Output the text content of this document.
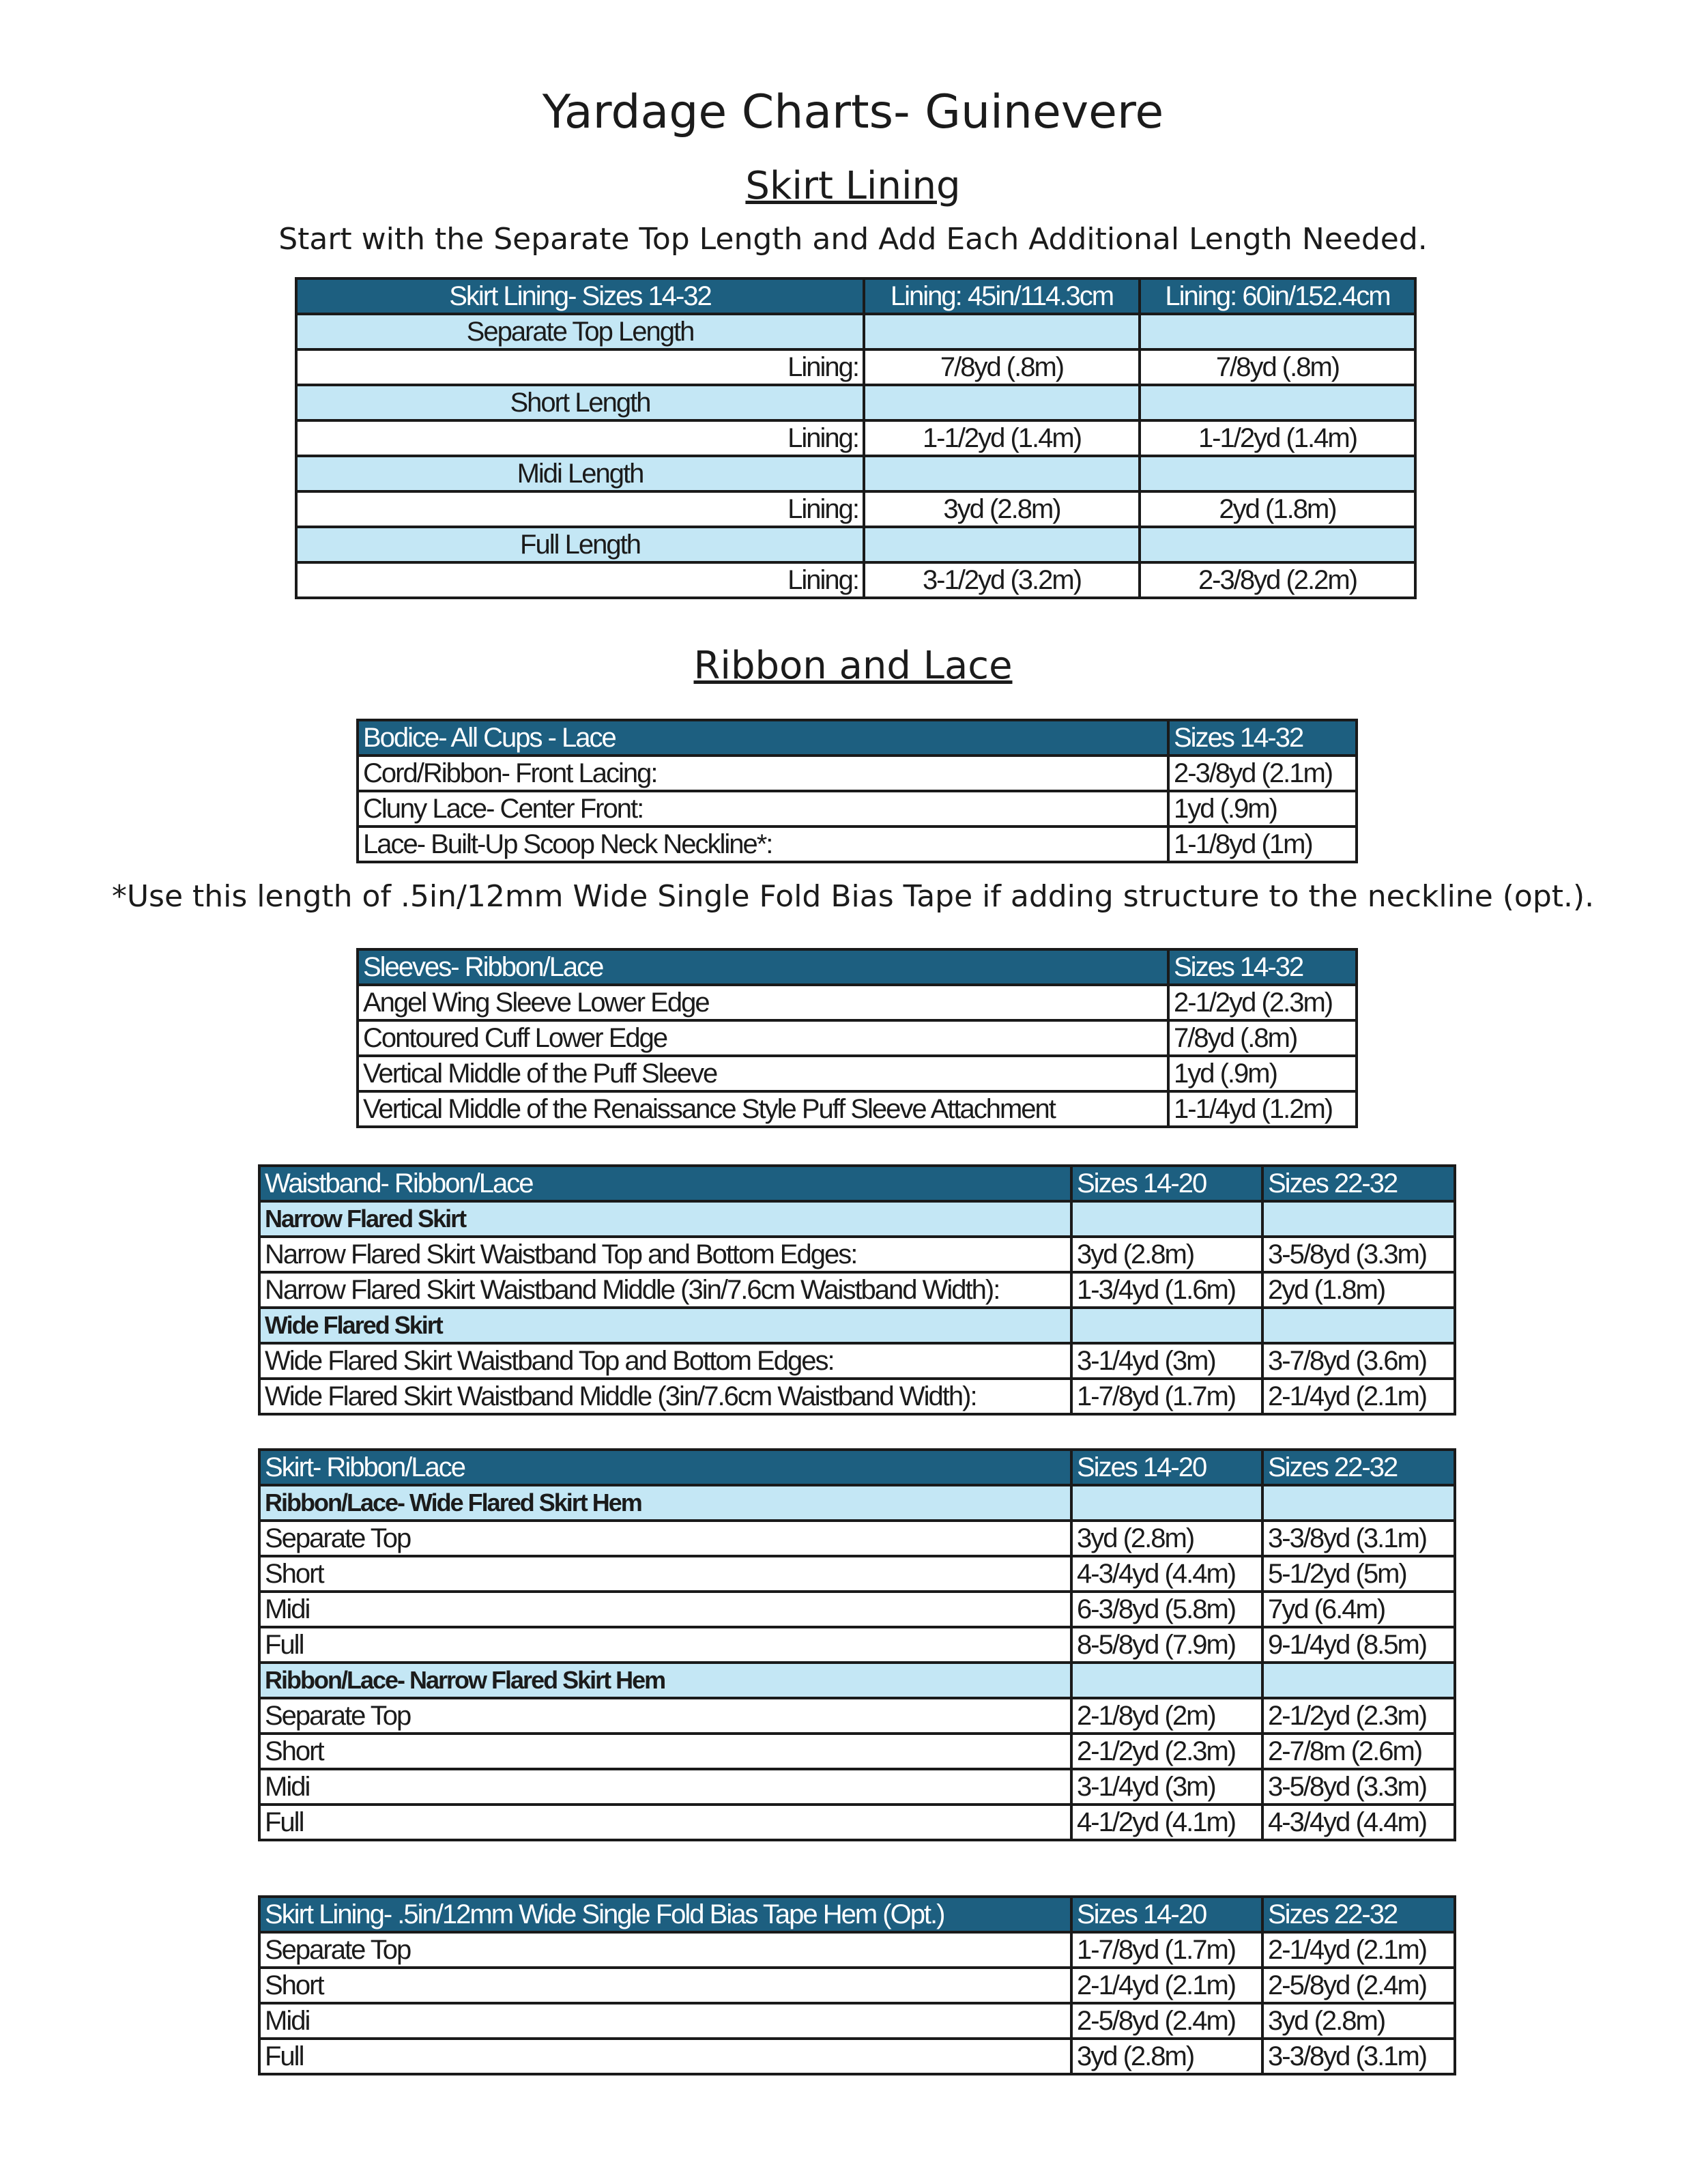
Yardage Charts- Guinevere
Skirt Lining
Start with the Separate Top Length and Add Each Additional Length Needed.
Skirt Lining- Sizes 14-32	Lining: 45in/114.3cm	Lining: 60in/152.4cm
Separate Top Length		
Lining:	7/8yd (.8m)	7/8yd (.8m)
Short Length		
Lining:	1-1/2yd (1.4m)	1-1/2yd (1.4m)
Midi Length		
Lining:	3yd (2.8m)	2yd (1.8m)
Full Length		
Lining:	3-1/2yd (3.2m)	2-3/8yd (2.2m)
Ribbon and Lace
Bodice- All Cups - Lace	Sizes 14-32
Cord/Ribbon- Front Lacing:	2-3/8yd (2.1m)
Cluny Lace- Center Front:	1yd (.9m)
Lace- Built-Up Scoop Neck Neckline*:	1-1/8yd (1m)
*Use this length of .5in/12mm Wide Single Fold Bias Tape if adding structure to the neckline (opt.).
Sleeves- Ribbon/Lace	Sizes 14-32
Angel Wing Sleeve Lower Edge	2-1/2yd (2.3m)
Contoured Cuff Lower Edge	7/8yd (.8m)
Vertical Middle of the Puff Sleeve	1yd (.9m)
Vertical Middle of the Renaissance Style Puff Sleeve Attachment	1-1/4yd (1.2m)
Waistband- Ribbon/Lace	Sizes 14-20	Sizes 22-32
Narrow Flared Skirt		
Narrow Flared Skirt Waistband Top and Bottom Edges:	3yd (2.8m)	3-5/8yd (3.3m)
Narrow Flared Skirt Waistband Middle (3in/7.6cm Waistband Width):	1-3/4yd (1.6m)	2yd (1.8m)
Wide Flared Skirt		
Wide Flared Skirt Waistband Top and Bottom Edges:	3-1/4yd (3m)	3-7/8yd (3.6m)
Wide Flared Skirt Waistband Middle (3in/7.6cm Waistband Width):	1-7/8yd (1.7m)	2-1/4yd (2.1m)
Skirt- Ribbon/Lace	Sizes 14-20	Sizes 22-32
Ribbon/Lace- Wide Flared Skirt Hem		
Separate Top	3yd (2.8m)	3-3/8yd (3.1m)
Short	4-3/4yd (4.4m)	5-1/2yd (5m)
Midi	6-3/8yd (5.8m)	7yd (6.4m)
Full	8-5/8yd (7.9m)	9-1/4yd (8.5m)
Ribbon/Lace- Narrow Flared Skirt Hem		
Separate Top	2-1/8yd (2m)	2-1/2yd (2.3m)
Short	2-1/2yd (2.3m)	2-7/8m (2.6m)
Midi	3-1/4yd (3m)	3-5/8yd (3.3m)
Full	4-1/2yd (4.1m)	4-3/4yd (4.4m)
Skirt Lining- .5in/12mm Wide Single Fold Bias Tape Hem (Opt.)	Sizes 14-20	Sizes 22-32
Separate Top	1-7/8yd (1.7m)	2-1/4yd (2.1m)
Short	2-1/4yd (2.1m)	2-5/8yd (2.4m)
Midi	2-5/8yd (2.4m)	3yd (2.8m)
Full	3yd (2.8m)	3-3/8yd (3.1m)
